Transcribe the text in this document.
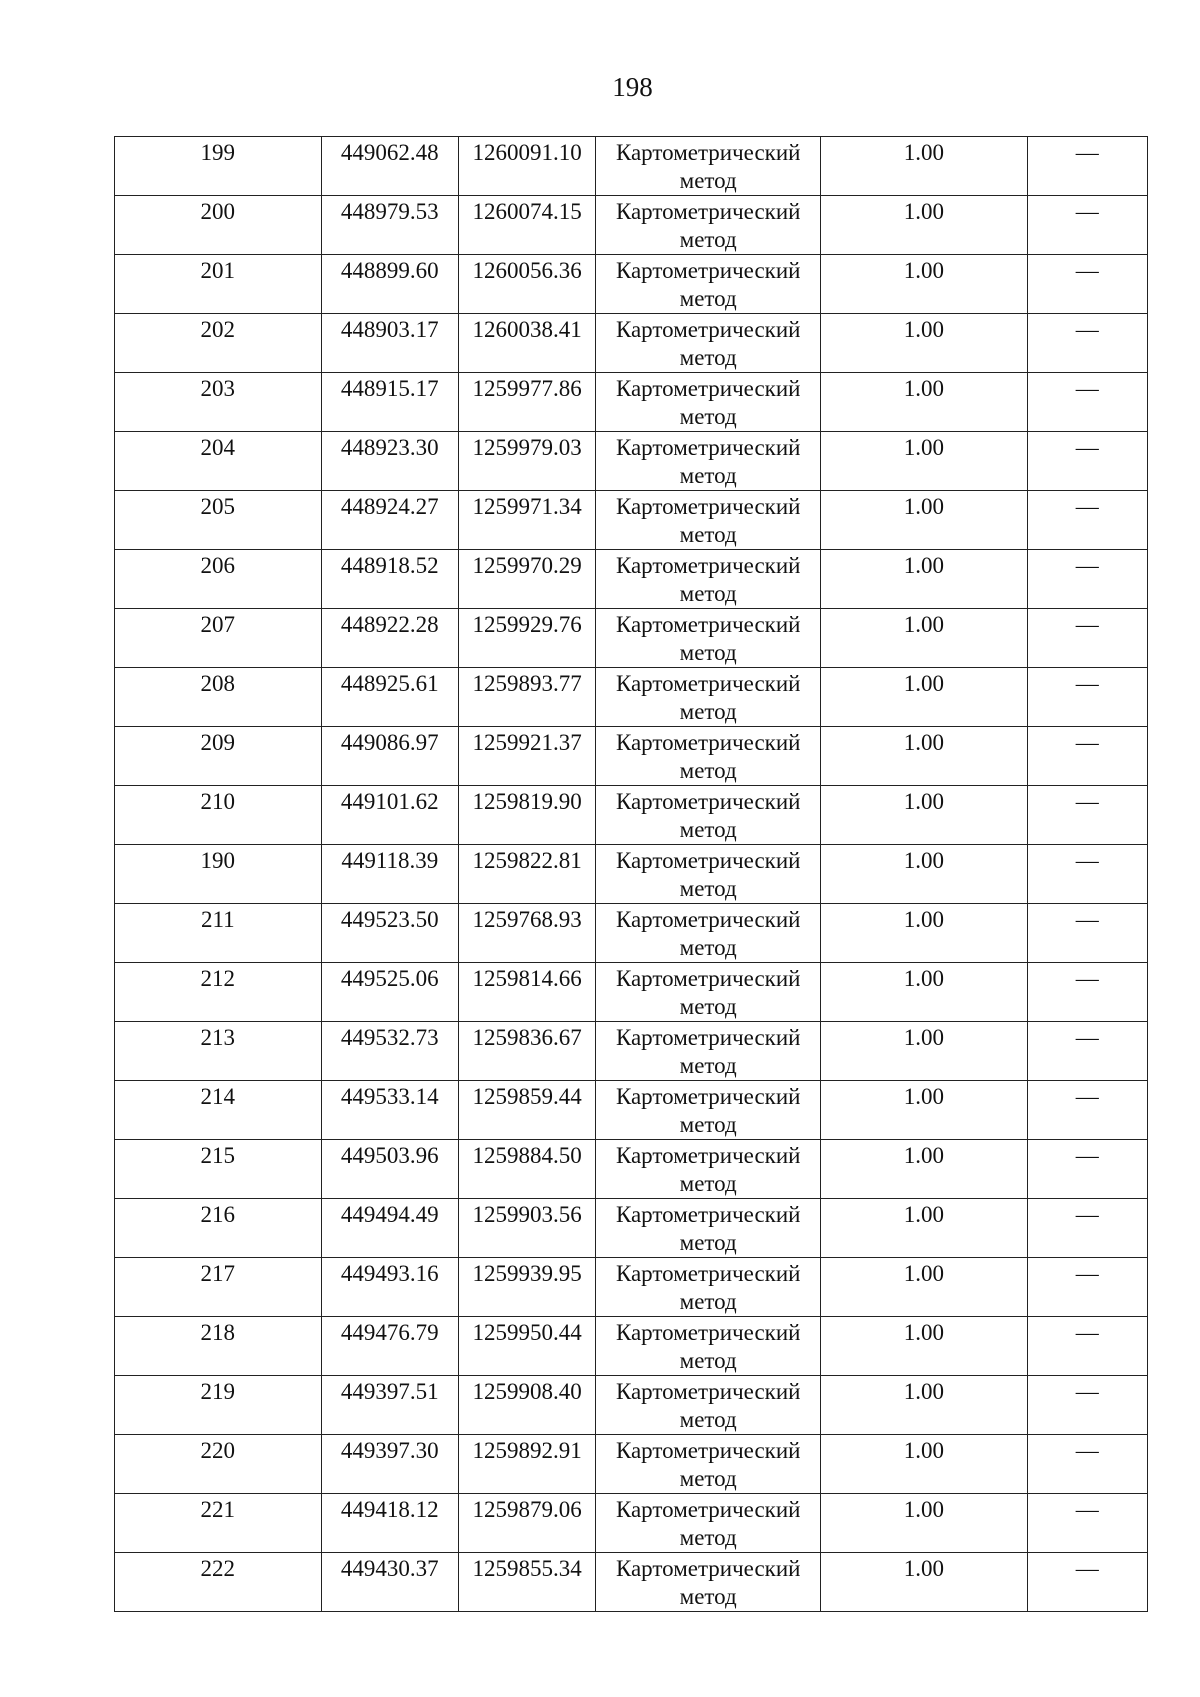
198
199	449062.48	1260091.10	Картометрический метод	1.00	—
200	448979.53	1260074.15	Картометрический метод	1.00	—
201	448899.60	1260056.36	Картометрический метод	1.00	—
202	448903.17	1260038.41	Картометрический метод	1.00	—
203	448915.17	1259977.86	Картометрический метод	1.00	—
204	448923.30	1259979.03	Картометрический метод	1.00	—
205	448924.27	1259971.34	Картометрический метод	1.00	—
206	448918.52	1259970.29	Картометрический метод	1.00	—
207	448922.28	1259929.76	Картометрический метод	1.00	—
208	448925.61	1259893.77	Картометрический метод	1.00	—
209	449086.97	1259921.37	Картометрический метод	1.00	—
210	449101.62	1259819.90	Картометрический метод	1.00	—
190	449118.39	1259822.81	Картометрический метод	1.00	—
211	449523.50	1259768.93	Картометрический метод	1.00	—
212	449525.06	1259814.66	Картометрический метод	1.00	—
213	449532.73	1259836.67	Картометрический метод	1.00	—
214	449533.14	1259859.44	Картометрический метод	1.00	—
215	449503.96	1259884.50	Картометрический метод	1.00	—
216	449494.49	1259903.56	Картометрический метод	1.00	—
217	449493.16	1259939.95	Картометрический метод	1.00	—
218	449476.79	1259950.44	Картометрический метод	1.00	—
219	449397.51	1259908.40	Картометрический метод	1.00	—
220	449397.30	1259892.91	Картометрический метод	1.00	—
221	449418.12	1259879.06	Картометрический метод	1.00	—
222	449430.37	1259855.34	Картометрический метод	1.00	—
